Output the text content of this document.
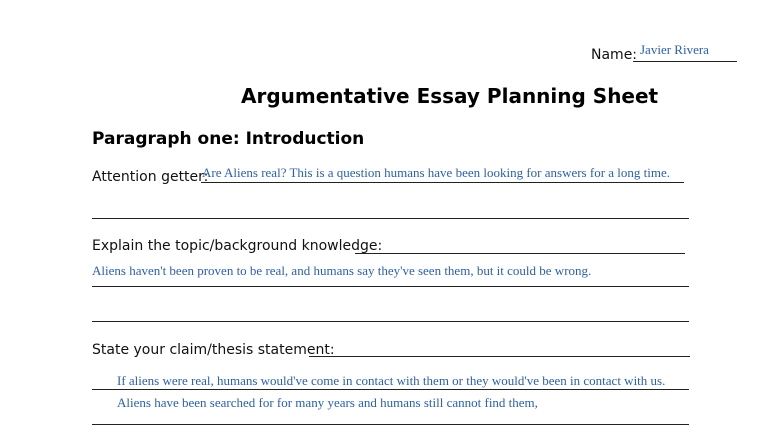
Name: Javier Rivera
Argumentative Essay Planning Sheet
Paragraph one: Introduction
Attention getter:
Are Aliens real? This is a question humans have been looking for answers for a long time.
Explain the topic/background knowledge:
Aliens haven't been proven to be real, and humans say they've seen them, but it could be wrong.
State your claim/thesis statement:
If aliens were real, humans would've come in contact with them or they would've been in contact with us.
Aliens have been searched for for many years and humans still cannot find them,
